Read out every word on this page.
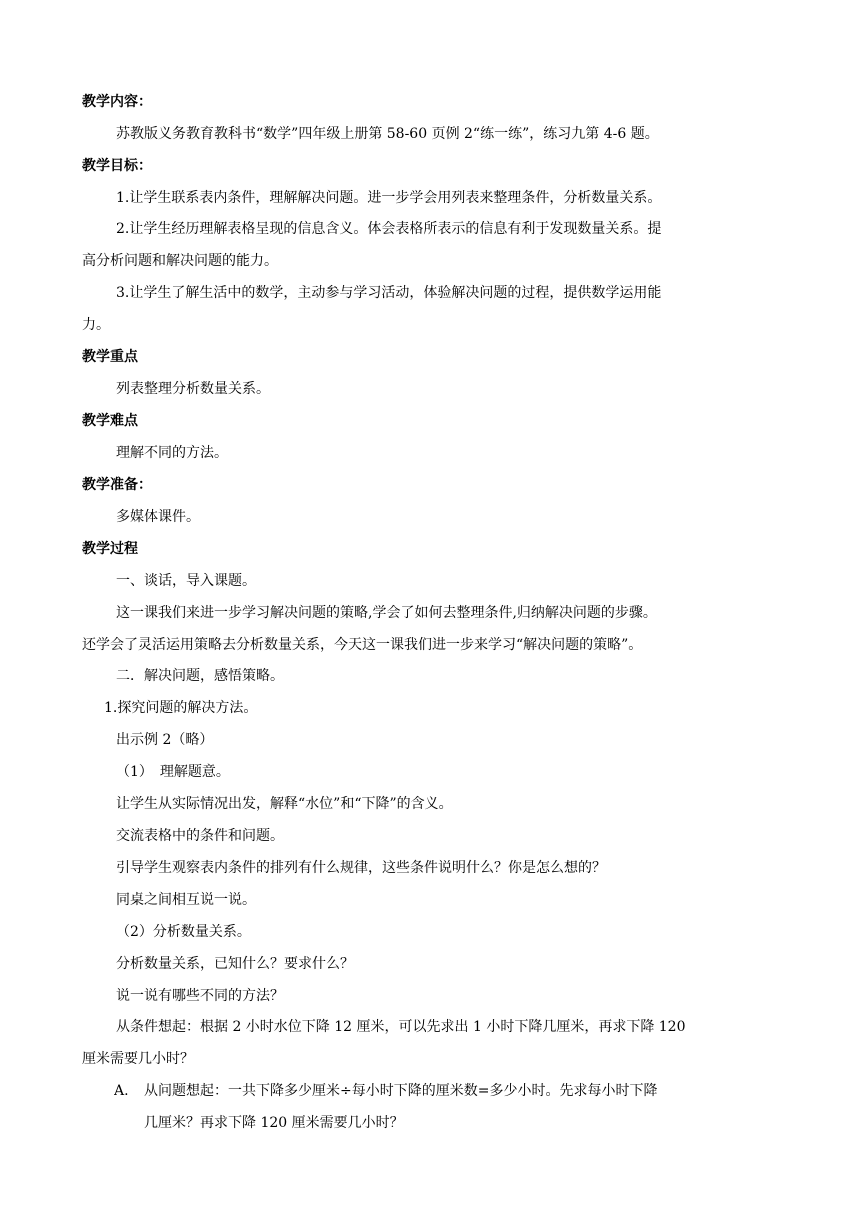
教学内容：
苏教版义务教育教科书“数学”四年级上册第 58-60 页例 2“练一练”，练习九第 4-6 题。
教学目标：
1.让学生联系表内条件，理解解决问题。进一步学会用列表来整理条件，分析数量关系。
2.让学生经历理解表格呈现的信息含义。体会表格所表示的信息有利于发现数量关系。提
高分析问题和解决问题的能力。
3.让学生了解生活中的数学，主动参与学习活动，体验解决问题的过程，提供数学运用能
力。
教学重点
列表整理分析数量关系。
教学难点
理解不同的方法。
教学准备：
多媒体课件。
教学过程
一、谈话，导入课题。
这一课我们来进一步学习解决问题的策略,学会了如何去整理条件,归纳解决问题的步骤。
还学会了灵活运用策略去分析数量关系，今天这一课我们进一步来学习“解决问题的策略”。
二．解决问题，感悟策略。
1.探究问题的解决方法。
出示例 2（略）
（1）　理解题意。
让学生从实际情况出发，解释“水位”和“下降”的含义。
交流表格中的条件和问题。
引导学生观察表内条件的排列有什么规律，这些条件说明什么？你是怎么想的？
同桌之间相互说一说。
（2）分析数量关系。
分析数量关系，已知什么？要求什么？
说一说有哪些不同的方法？
从条件想起：根据 2 小时水位下降 12 厘米，可以先求出 1 小时下降几厘米，再求下降 120
厘米需要几小时？
A.	从问题想起：一共下降多少厘米÷每小时下降的厘米数=多少小时。先求每小时下降
几厘米？再求下降 120 厘米需要几小时？
